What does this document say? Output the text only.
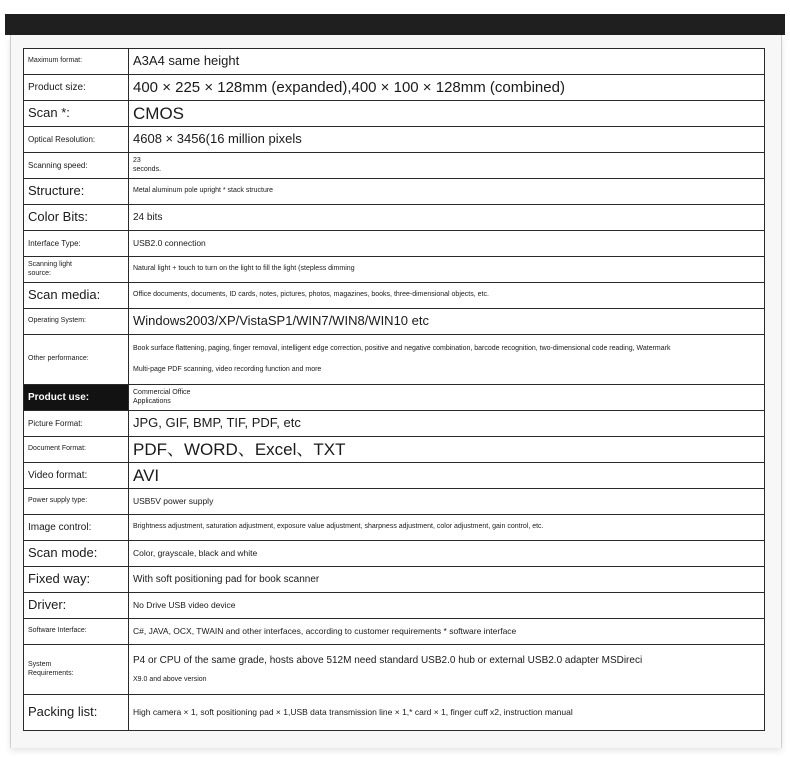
Maximum format:	A3A4 same height
Product size:	400 × 225 × 128mm (expanded),400 × 100 × 128mm (combined)
Scan *:	CMOS
Optical Resolution:	4608 × 3456(16 million pixels
Scanning speed:	23
seconds.
Structure:	Metal aluminum pole upright * stack structure
Color Bits:	24 bits
Interface Type:	USB2.0 connection
Scanning light
source:	Natural light + touch to turn on the light to fill the light (stepless dimming
Scan media:	Office documents, documents, ID cards, notes, pictures, photos, magazines, books, three-dimensional objects, etc.
Operating System:	Windows2003/XP/VistaSP1/WIN7/WIN8/WIN10 etc
Other performance:	Book surface flattening, paging, finger removal, intelligent edge correction, positive and negative combination, barcode recognition, two-dimensional code reading, Watermark
Multi-page PDF scanning, video recording function and more

Product use:	Commercial Office
Applications
Picture Format:	JPG, GIF, BMP, TIF, PDF, etc
Document Format:	PDF、WORD、Excel、TXT
Video format:	AVI
Power supply type:	USB5V power supply
Image control:	Brightness adjustment, saturation adjustment, exposure value adjustment, sharpness adjustment, color adjustment, gain control, etc.
Scan mode:	Color, grayscale, black and white
Fixed way:	With soft positioning pad for book scanner
Driver:	No Drive USB video device
Software Interface:	C#, JAVA, OCX, TWAIN and other interfaces, according to customer requirements * software interface
System
Requirements:	P4 or CPU of the same grade, hosts above 512M need standard USB2.0 hub or external USB2.0 adapter MSDireci
X9.0 and above version

Packing list:	High camera × 1, soft positioning pad × 1,USB data transmission line × 1,* card × 1, finger cuff x2, instruction manual
